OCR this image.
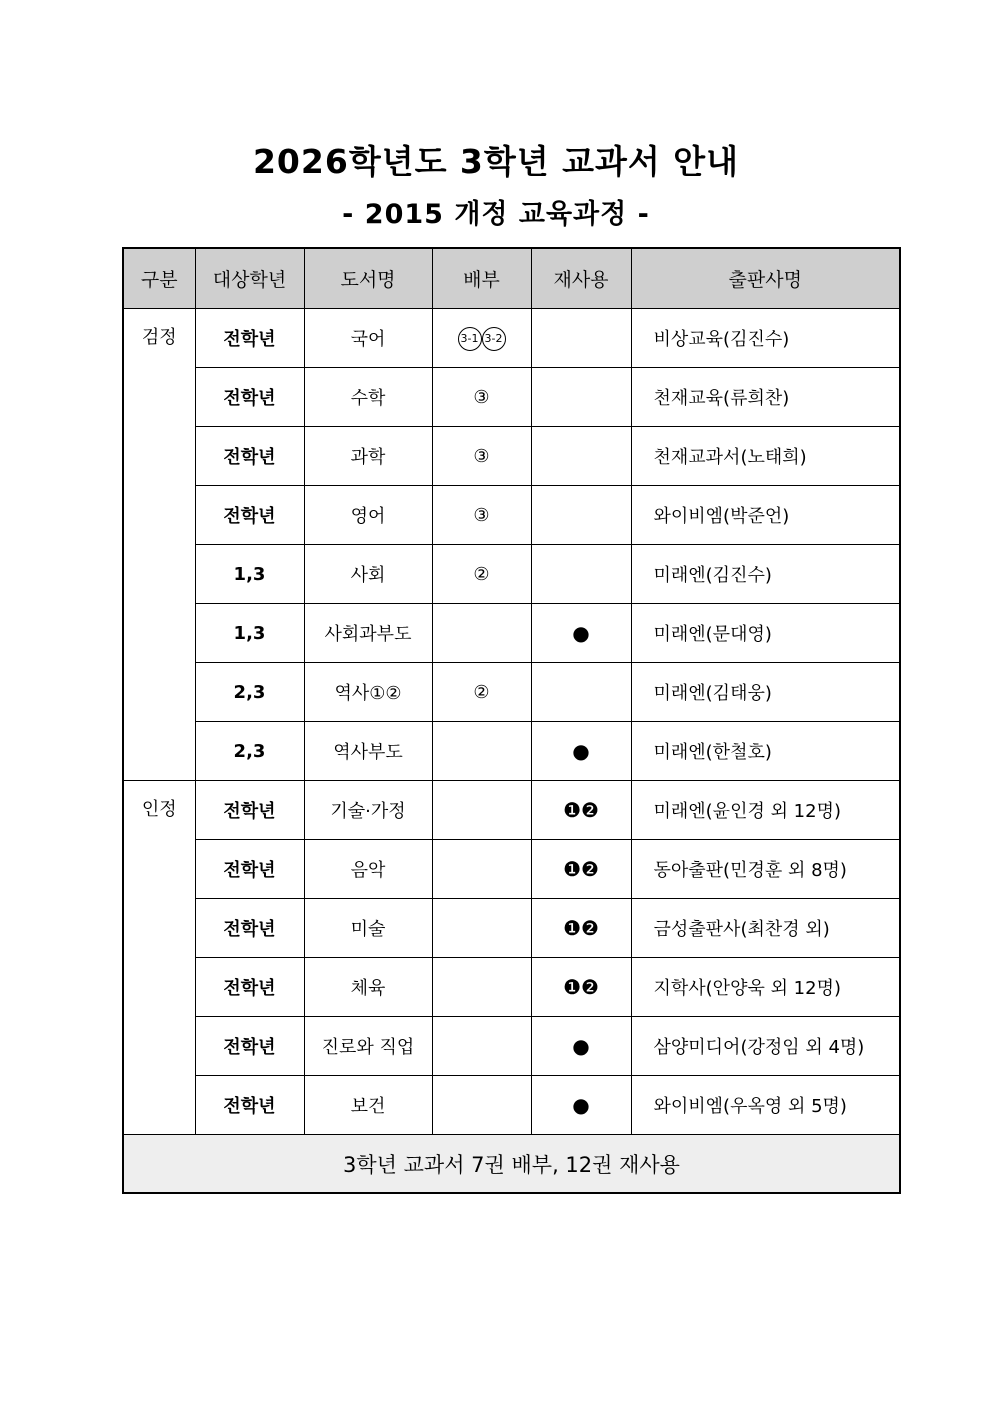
2026학년도 3학년 교과서 안내
- 2015 개정 교육과정 -
구분	대상학년	도서명	배부	재사용	출판사명
검정	전학년	국어	3-1 3-2		비상교육(김진수)
	전학년	수학	③		천재교육(류희찬)
	전학년	과학	③		천재교과서(노태희)
	전학년	영어	③		와이비엠(박준언)
	1,3	사회	②		미래엔(김진수)
	1,3	사회과부도		●	미래엔(문대영)
	2,3	역사①②	②		미래엔(김태웅)
	2,3	역사부도		●	미래엔(한철호)
인정	전학년	기술·가정		❶❷	미래엔(윤인경 외 12명)
	전학년	음악		❶❷	동아출판(민경훈 외 8명)
	전학년	미술		❶❷	금성출판사(최찬경 외)
	전학년	체육		❶❷	지학사(안양욱 외 12명)
	전학년	진로와 직업		●	삼양미디어(강정임 외 4명)
	전학년	보건		●	와이비엠(우옥영 외 5명)
3학년 교과서 7권 배부, 12권 재사용					
